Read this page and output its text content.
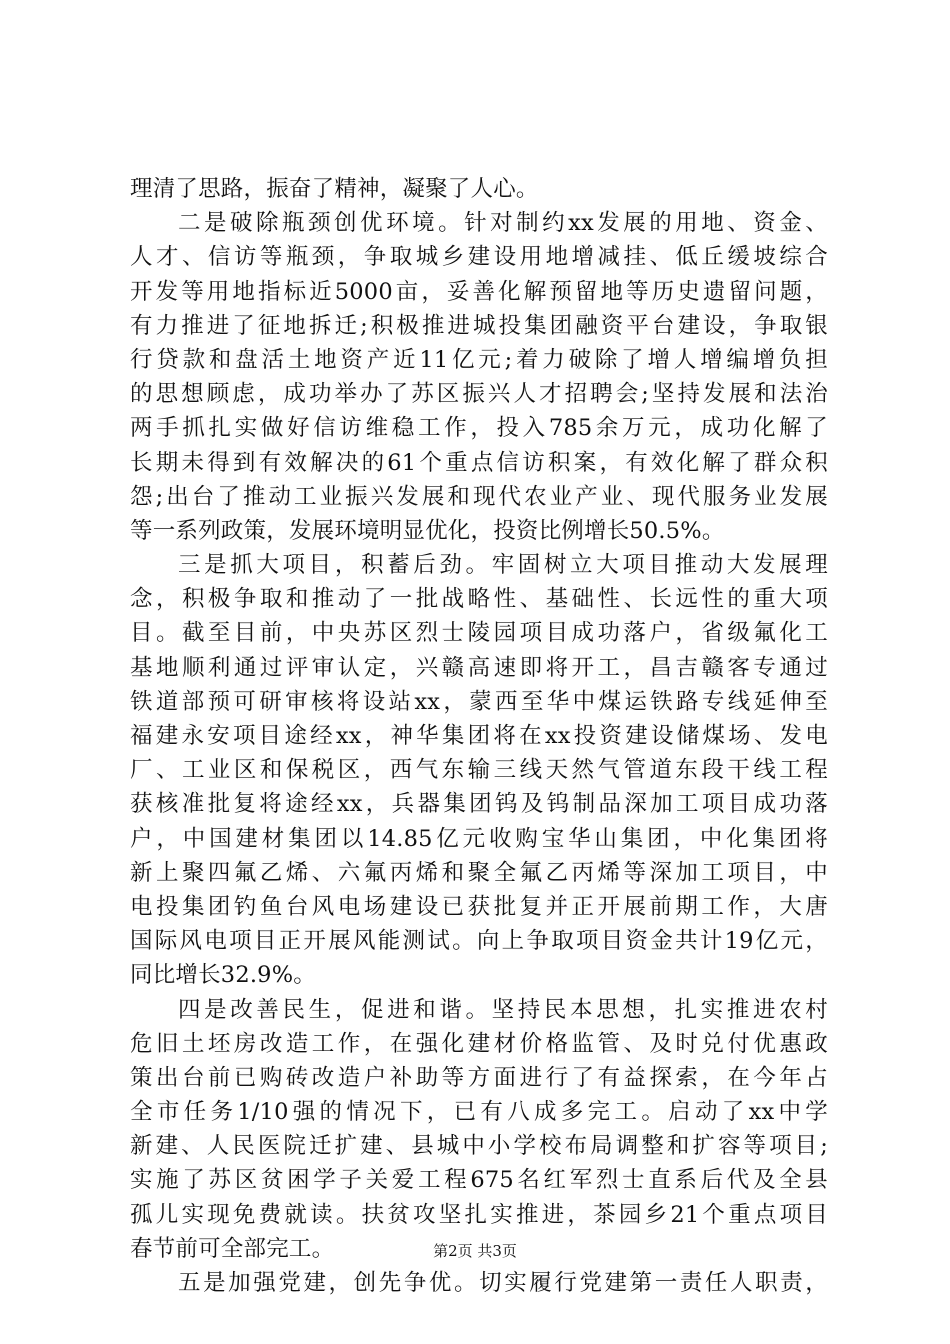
理清了思路，振奋了精神，凝聚了人心。
二是破除瓶颈创优环境。针对制约xx发展的用地、资金、
人才、信访等瓶颈，争取城乡建设用地增减挂、低丘缓坡综合
开发等用地指标近5000亩，妥善化解预留地等历史遗留问题，
有力推进了征地拆迁;积极推进城投集团融资平台建设，争取银
行贷款和盘活土地资产近11亿元;着力破除了增人增编增负担
的思想顾虑，成功举办了苏区振兴人才招聘会;坚持发展和法治
两手抓扎实做好信访维稳工作，投入785余万元，成功化解了
长期未得到有效解决的61个重点信访积案，有效化解了群众积
怨;出台了推动工业振兴发展和现代农业产业、现代服务业发展
等一系列政策，发展环境明显优化，投资比例增长50.5%。
三是抓大项目，积蓄后劲。牢固树立大项目推动大发展理
念，积极争取和推动了一批战略性、基础性、长远性的重大项
目。截至目前，中央苏区烈士陵园项目成功落户，省级氟化工
基地顺利通过评审认定，兴赣高速即将开工，昌吉赣客专通过
铁道部预可研审核将设站xx，蒙西至华中煤运铁路专线延伸至
福建永安项目途经xx，神华集团将在xx投资建设储煤场、发电
厂、工业区和保税区，西气东输三线天然气管道东段干线工程
获核准批复将途经xx，兵器集团钨及钨制品深加工项目成功落
户，中国建材集团以14.85亿元收购宝华山集团，中化集团将
新上聚四氟乙烯、六氟丙烯和聚全氟乙丙烯等深加工项目，中
电投集团钓鱼台风电场建设已获批复并正开展前期工作，大唐
国际风电项目正开展风能测试。向上争取项目资金共计19亿元，
同比增长32.9%。
四是改善民生，促进和谐。坚持民本思想，扎实推进农村
危旧土坯房改造工作，在强化建材价格监管、及时兑付优惠政
策出台前已购砖改造户补助等方面进行了有益探索，在今年占
全市任务1/10强的情况下，已有八成多完工。启动了xx中学
新建、人民医院迁扩建、县城中小学校布局调整和扩容等项目;
实施了苏区贫困学子关爱工程675名红军烈士直系后代及全县
孤儿实现免费就读。扶贫攻坚扎实推进，茶园乡21个重点项目
春节前可全部完工。
五是加强党建，创先争优。切实履行党建第一责任人职责，
第2页 共3页
